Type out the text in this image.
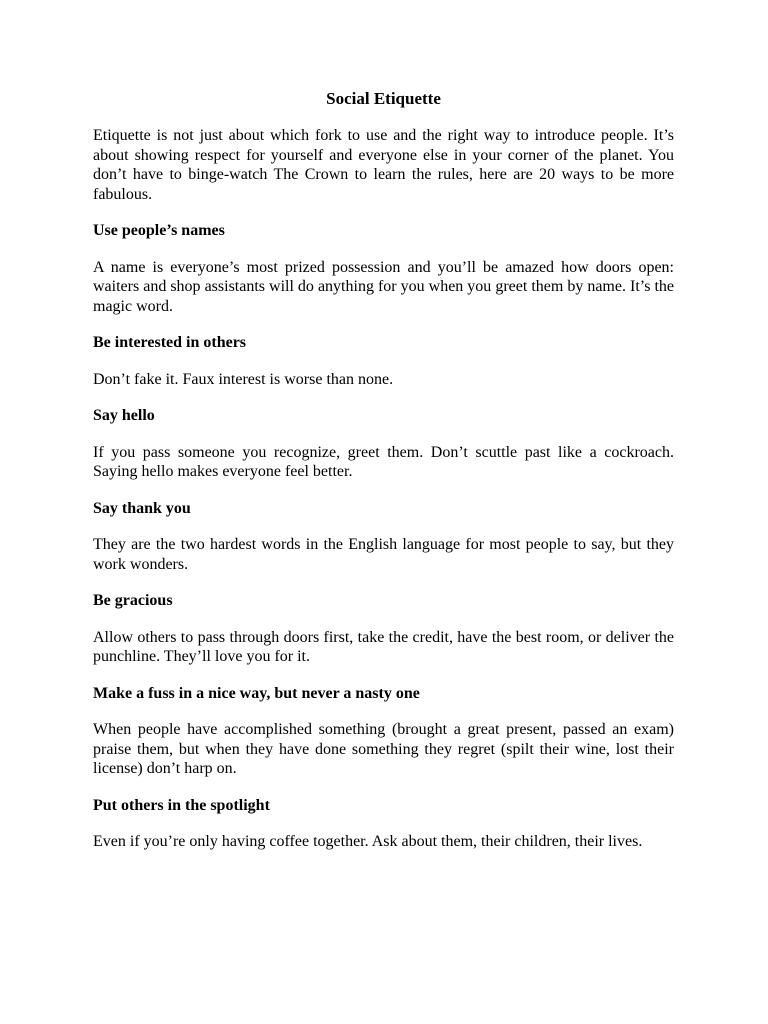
Social Etiquette

Etiquette is not just about which fork to use and the right way to introduce people. It’s about showing respect for yourself and everyone else in your corner of the planet. You don’t have to binge-watch The Crown to learn the rules, here are 20 ways to be more fabulous.

Use people’s names

A name is everyone’s most prized possession and you’ll be amazed how doors open: waiters and shop assistants will do anything for you when you greet them by name. It’s the magic word.

Be interested in others

Don’t fake it. Faux interest is worse than none.

Say hello

If you pass someone you recognize, greet them. Don’t scuttle past like a cockroach. Saying hello makes everyone feel better.

Say thank you

They are the two hardest words in the English language for most people to say, but they work wonders.

Be gracious

Allow others to pass through doors first, take the credit, have the best room, or deliver the punchline. They’ll love you for it.

Make a fuss in a nice way, but never a nasty one

When people have accomplished something (brought a great present, passed an exam) praise them, but when they have done something they regret (spilt their wine, lost their license) don’t harp on.

Put others in the spotlight

Even if you’re only having coffee together. Ask about them, their children, their lives.
